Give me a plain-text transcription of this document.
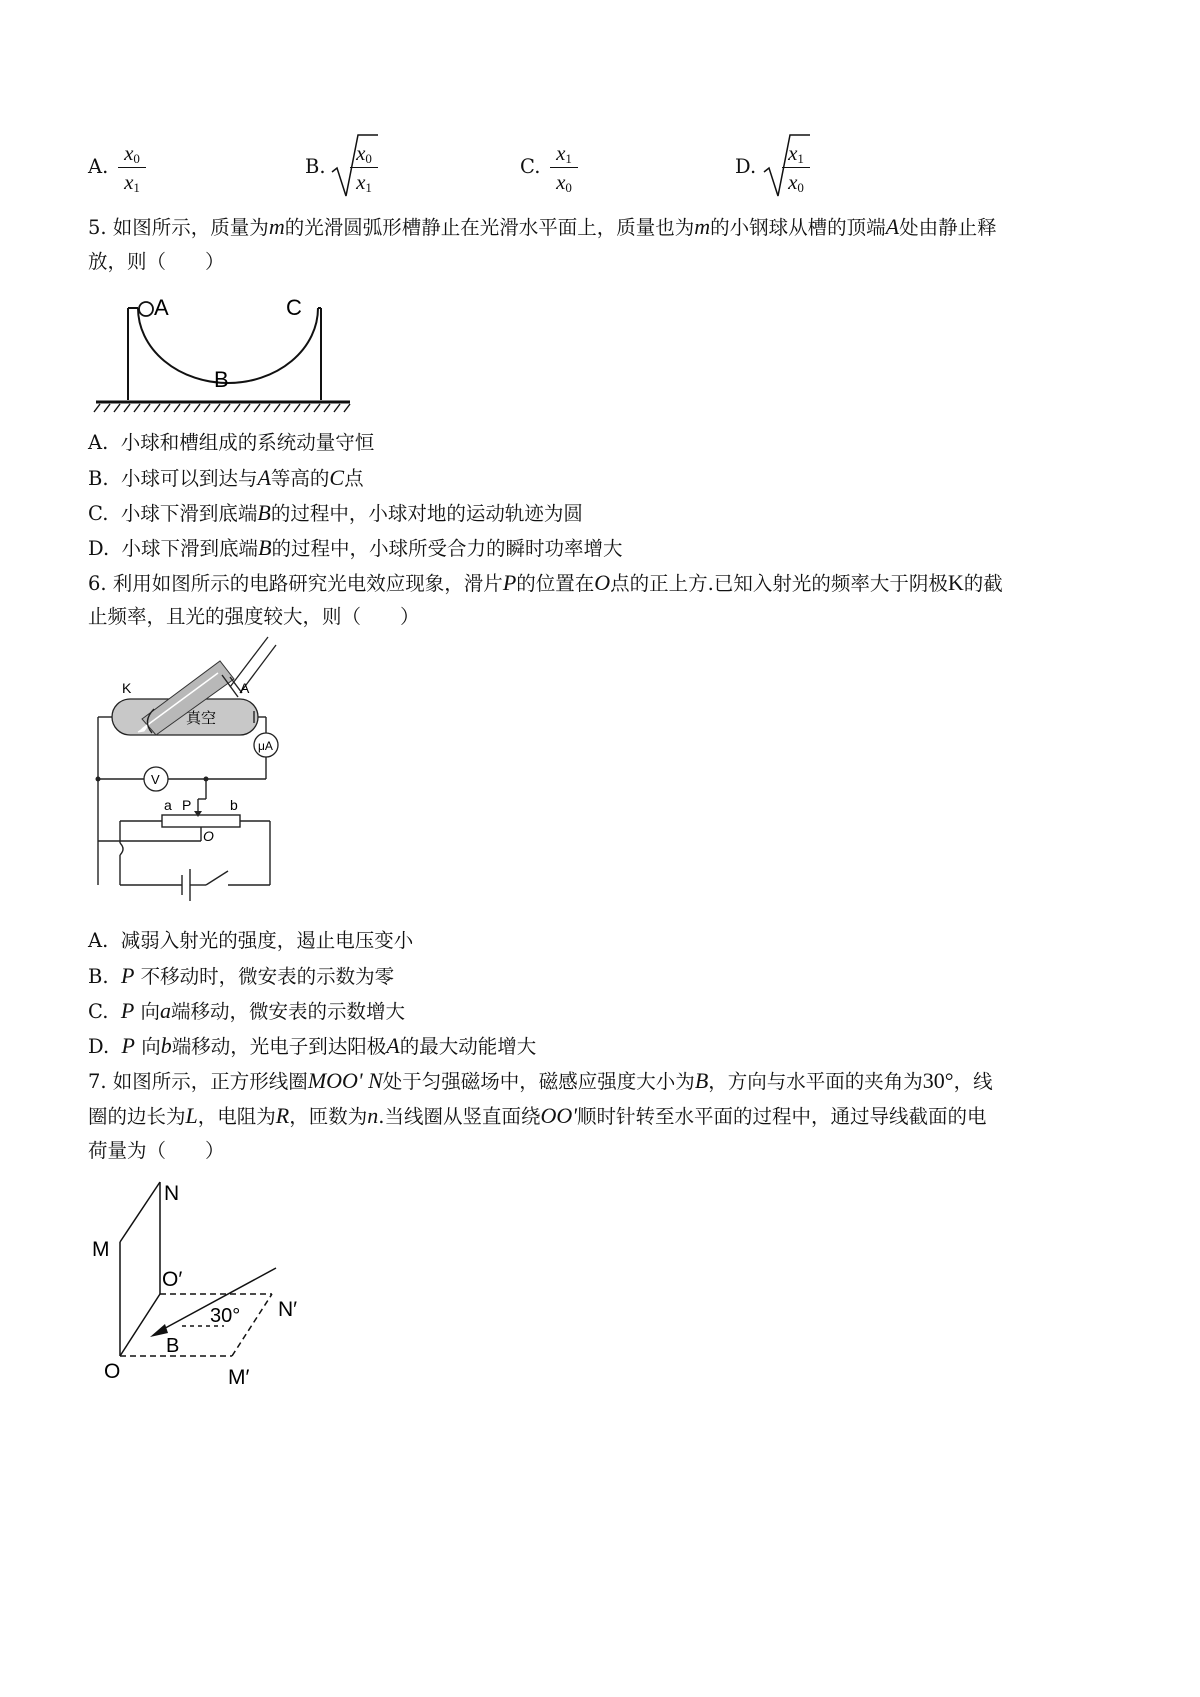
A.
$x_0$
$x_1$
B.
$x_0$
$x_1$
C.
$x_1$
$x_0$
D.
$x_1$
$x_0$
5. 如图所示，质量为m的光滑圆弧形槽静止在光滑水平面上，质量也为m的小钢球从槽的顶端A处由静止释
放，则（　　）
A
B
C
A. 小球和槽组成的系统动量守恒
B. 小球可以到达与A等高的C点
C. 小球下滑到底端B的过程中，小球对地的运动轨迹为圆
D. 小球下滑到底端B的过程中，小球所受合力的瞬时功率增大
6. 利用如图所示的电路研究光电效应现象，滑片P的位置在O点的正上方.已知入射光的频率大于阴极K的截
止频率，且光的强度较大，则（　　）
K	A
真空
μA
V
a P	b
O
A. 减弱入射光的强度，遏止电压变小
B. P 不移动时，微安表的示数为零
C. P 向a端移动，微安表的示数增大
D. P 向b端移动，光电子到达阳极A的最大动能增大
7. 如图所示，正方形线圈MOO' N处于匀强磁场中，磁感应强度大小为B，方向与水平面的夹角为30°，线
圈的边长为L，电阻为R，匝数为n.当线圈从竖直面绕OO'顺时针转至水平面的过程中，通过导线截面的电
荷量为（　　）
N
M
O′
30° N′
B
O	M′
